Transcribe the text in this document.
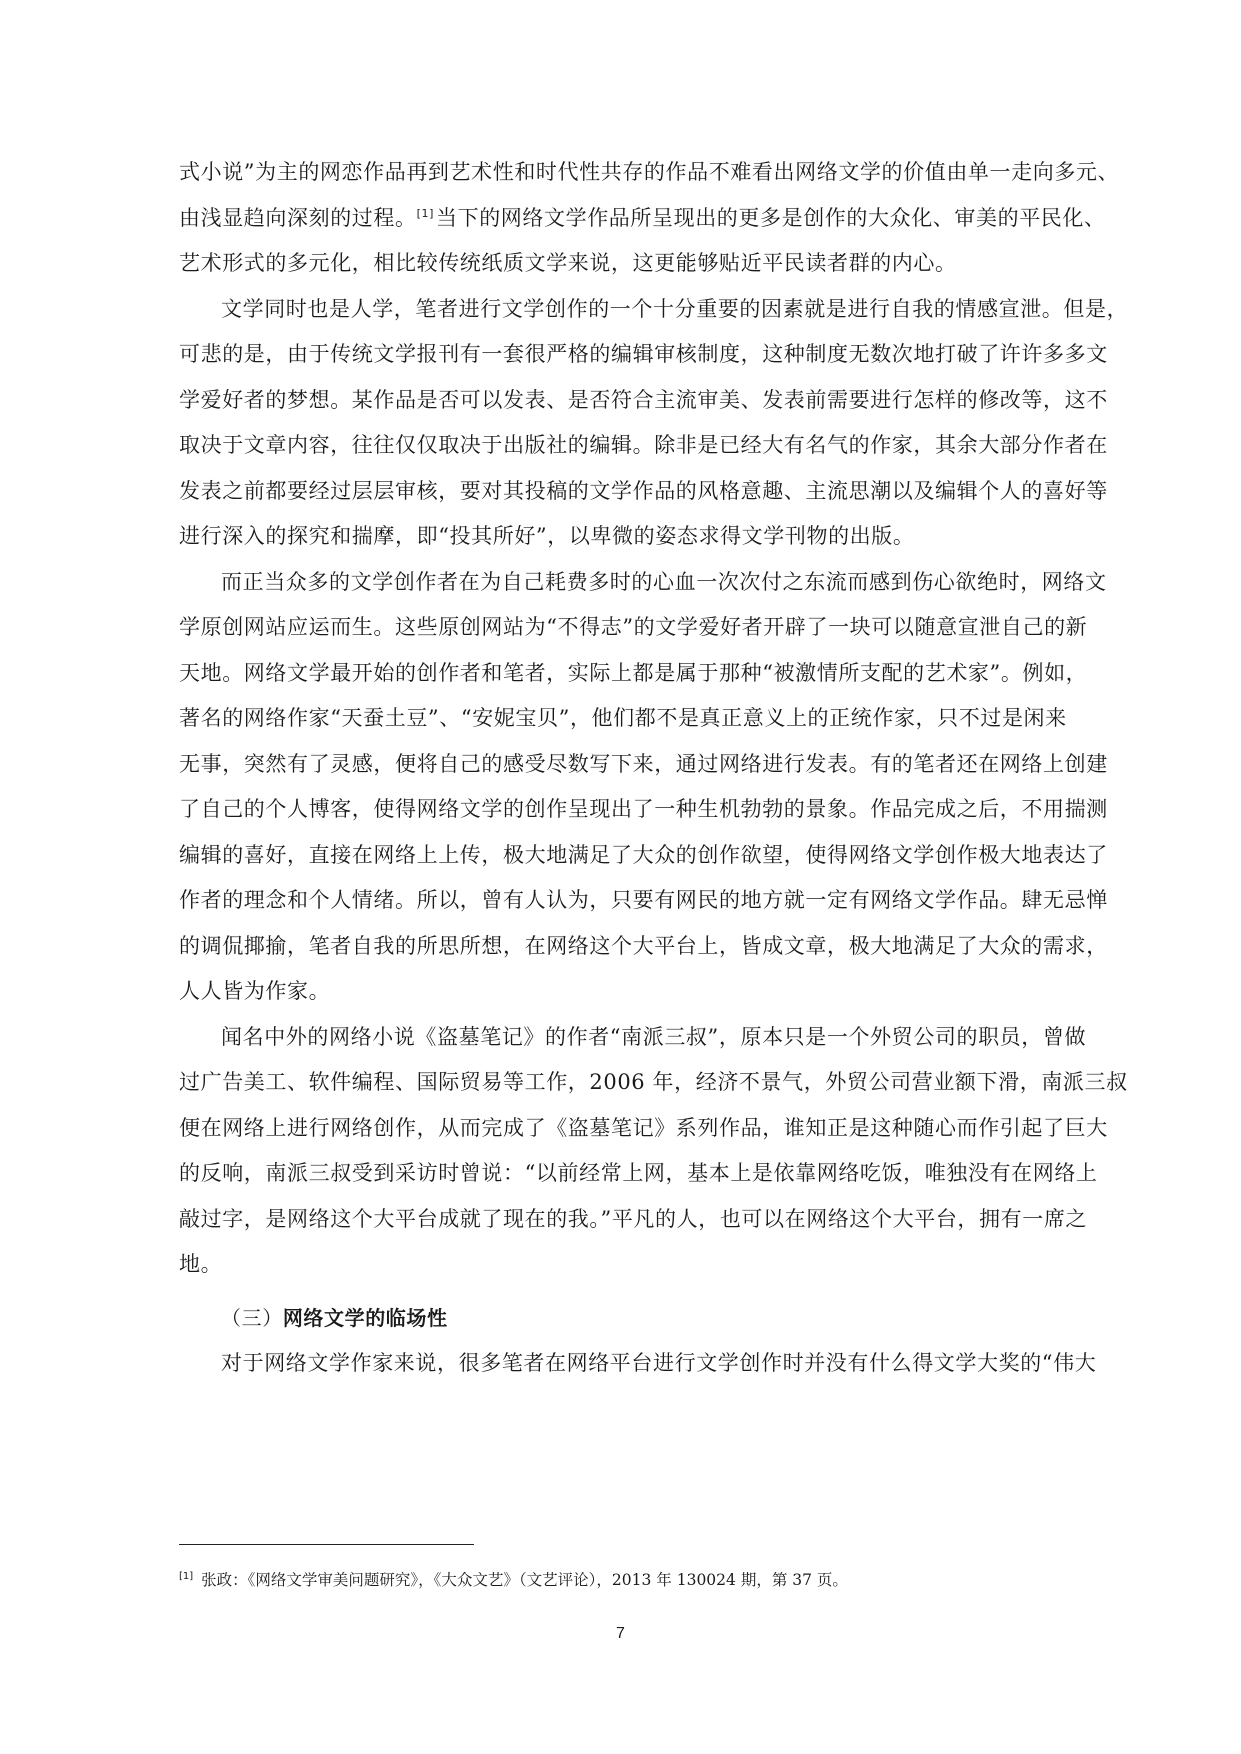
式小说”为主的网恋作品再到艺术性和时代性共存的作品不难看出网络文学的价值由单一走向多元、
由浅显趋向深刻的过程。[1]当下的网络文学作品所呈现出的更多是创作的大众化、审美的平民化、
艺术形式的多元化，相比较传统纸质文学来说，这更能够贴近平民读者群的内心。
文学同时也是人学，笔者进行文学创作的一个十分重要的因素就是进行自我的情感宣泄。但是，
可悲的是，由于传统文学报刊有一套很严格的编辑审核制度，这种制度无数次地打破了许许多多文
学爱好者的梦想。某作品是否可以发表、是否符合主流审美、发表前需要进行怎样的修改等，这不
取决于文章内容，往往仅仅取决于出版社的编辑。除非是已经大有名气的作家，其余大部分作者在
发表之前都要经过层层审核，要对其投稿的文学作品的风格意趣、主流思潮以及编辑个人的喜好等
进行深入的探究和揣摩，即“投其所好”，以卑微的姿态求得文学刊物的出版。
而正当众多的文学创作者在为自己耗费多时的心血一次次付之东流而感到伤心欲绝时，网络文
学原创网站应运而生。这些原创网站为“不得志”的文学爱好者开辟了一块可以随意宣泄自己的新
天地。网络文学最开始的创作者和笔者，实际上都是属于那种“被激情所支配的艺术家”。例如，
著名的网络作家“天蚕土豆”、“安妮宝贝”，他们都不是真正意义上的正统作家，只不过是闲来
无事，突然有了灵感，便将自己的感受尽数写下来，通过网络进行发表。有的笔者还在网络上创建
了自己的个人博客，使得网络文学的创作呈现出了一种生机勃勃的景象。作品完成之后，不用揣测
编辑的喜好，直接在网络上上传，极大地满足了大众的创作欲望，使得网络文学创作极大地表达了
作者的理念和个人情绪。所以，曾有人认为，只要有网民的地方就一定有网络文学作品。肆无忌惮
的调侃揶揄，笔者自我的所思所想，在网络这个大平台上，皆成文章，极大地满足了大众的需求，
人人皆为作家。
闻名中外的网络小说《盗墓笔记》的作者“南派三叔”，原本只是一个外贸公司的职员，曾做
过广告美工、软件编程、国际贸易等工作，2006 年，经济不景气，外贸公司营业额下滑，南派三叔
便在网络上进行网络创作，从而完成了《盗墓笔记》系列作品，谁知正是这种随心而作引起了巨大
的反响，南派三叔受到采访时曾说：“以前经常上网，基本上是依靠网络吃饭，唯独没有在网络上
敲过字，是网络这个大平台成就了现在的我。”平凡的人，也可以在网络这个大平台，拥有一席之
地。
（三）网络文学的临场性
对于网络文学作家来说，很多笔者在网络平台进行文学创作时并没有什么得文学大奖的“伟大
[1] 张政：《网络文学审美问题研究》，《大众文艺》（文艺评论），2013 年 130024 期，第 37 页。
7
